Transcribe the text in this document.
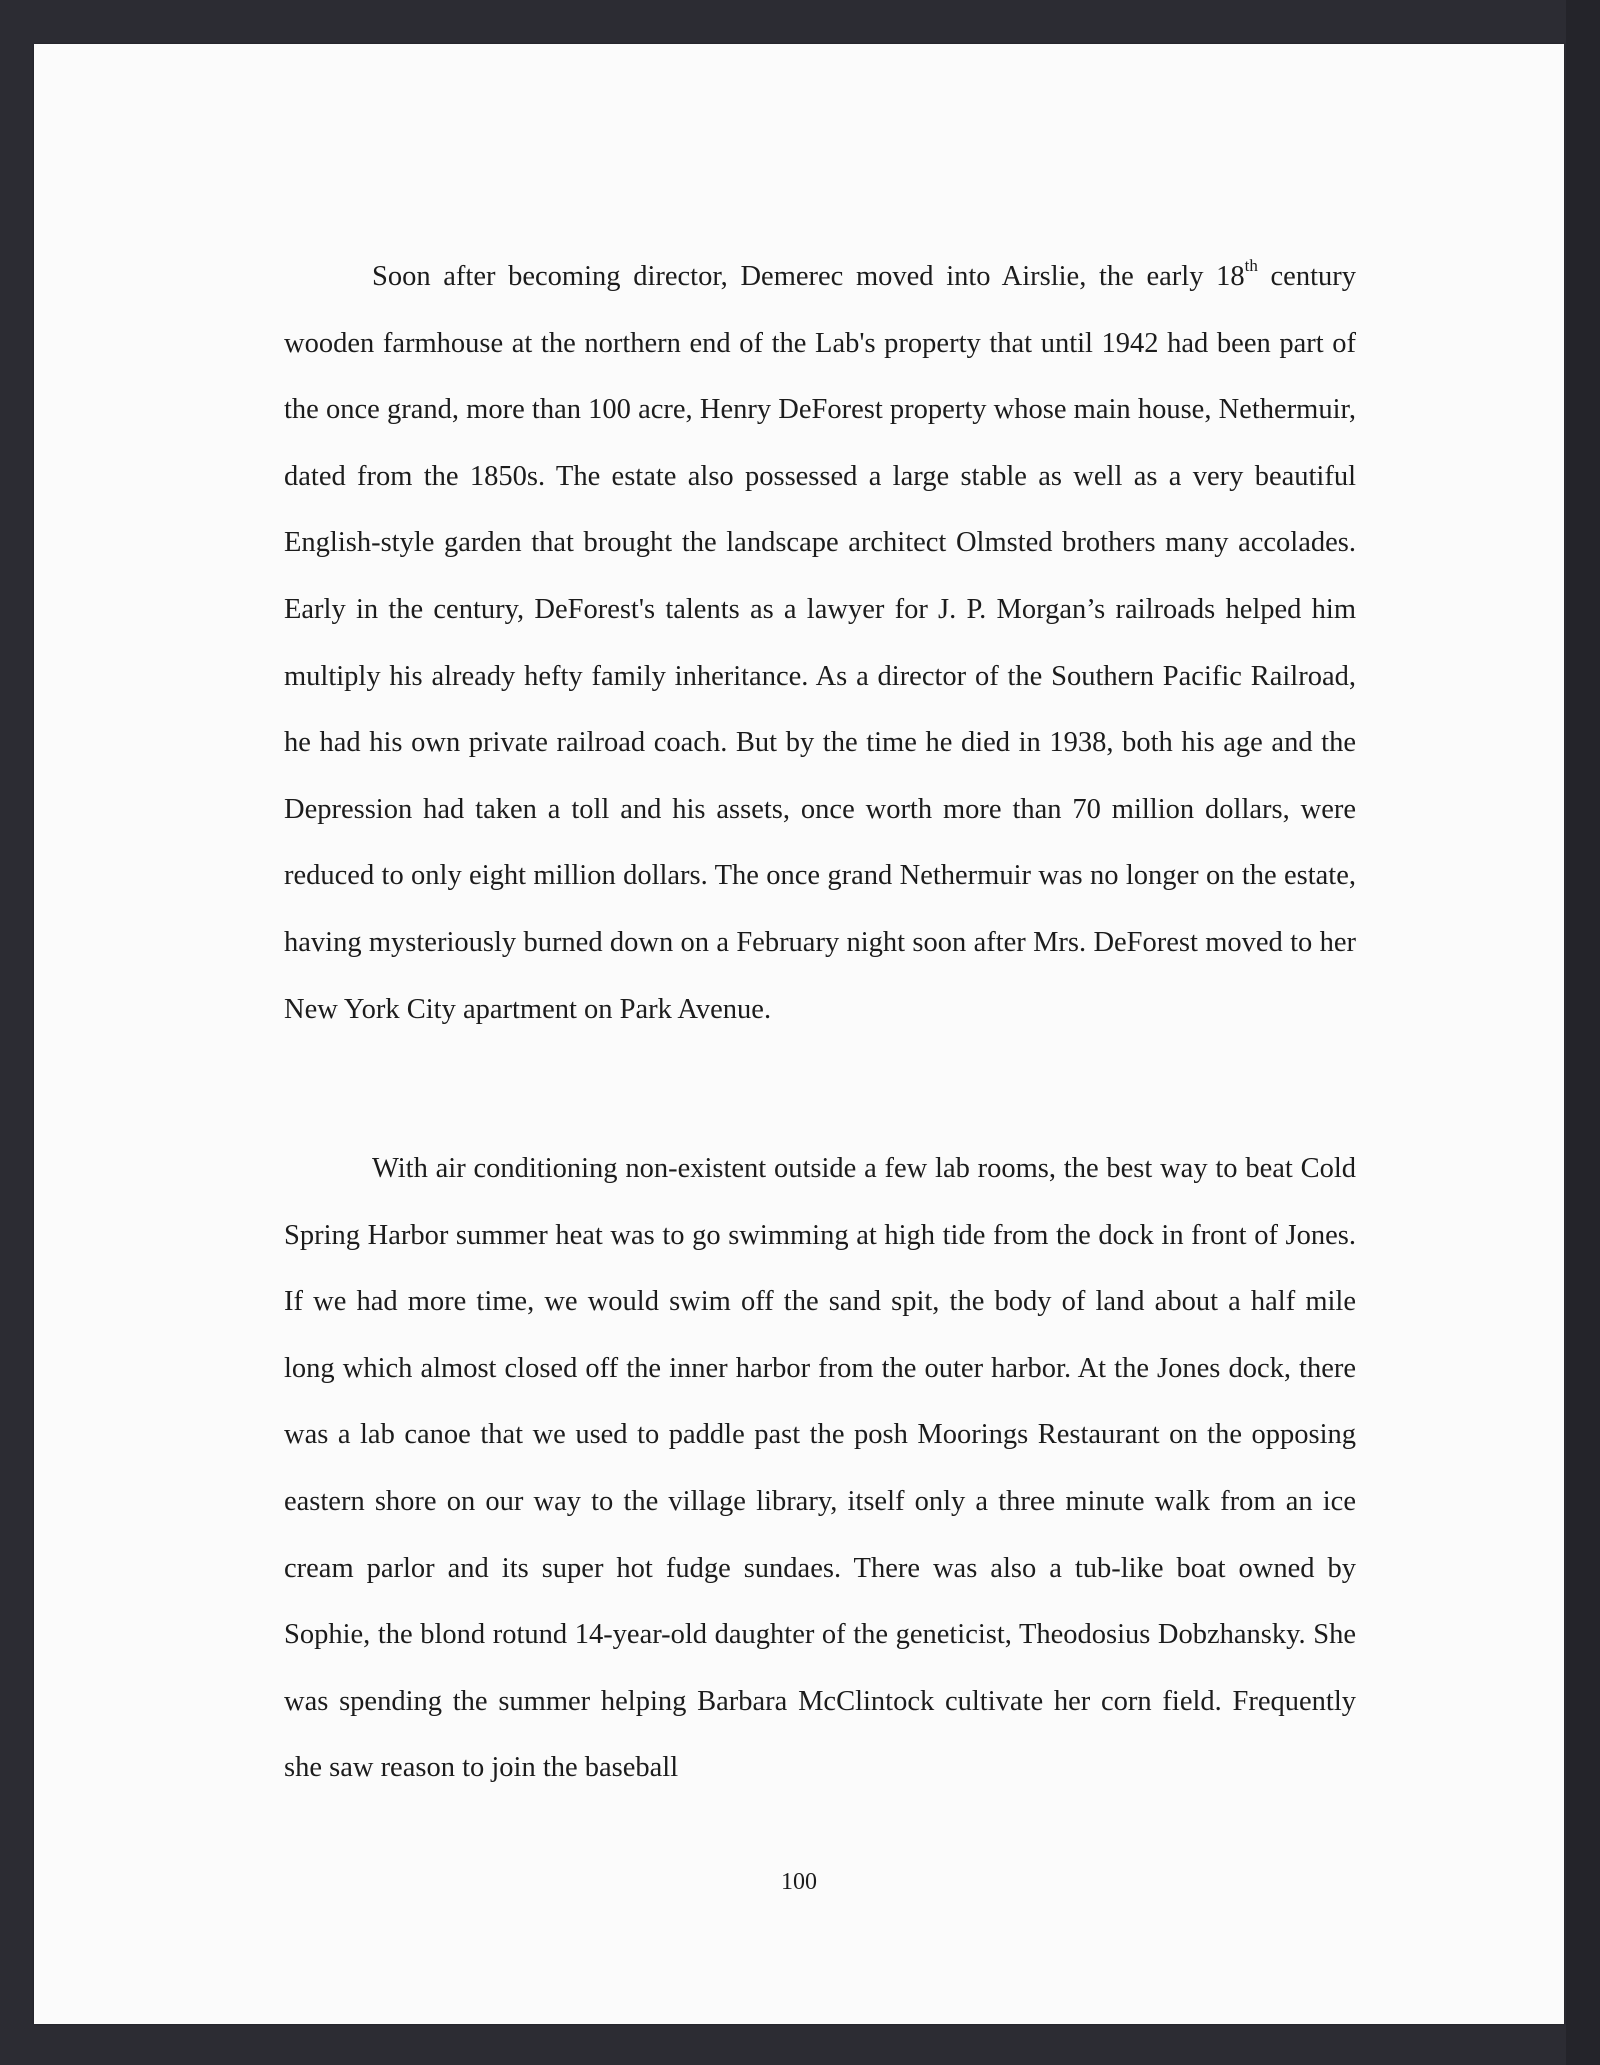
Soon after becoming director, Demerec moved into Airslie, the early 18th century wooden farmhouse at the northern end of the Lab's property that until 1942 had been part of the once grand, more than 100 acre, Henry DeForest property whose main house, Nethermuir, dated from the 1850s. The estate also possessed a large stable as well as a very beautiful English-style garden that brought the landscape architect Olmsted brothers many accolades. Early in the century, DeForest's talents as a lawyer for J. P. Morgan’s railroads helped him multiply his already hefty family inheritance. As a director of the Southern Pacific Railroad, he had his own private railroad coach. But by the time he died in 1938, both his age and the Depression had taken a toll and his assets, once worth more than 70 million dollars, were reduced to only eight million dollars. The once grand Nethermuir was no longer on the estate, having mysteriously burned down on a February night soon after Mrs. DeForest moved to her New York City apartment on Park Avenue.

With air conditioning non-existent outside a few lab rooms, the best way to beat Cold Spring Harbor summer heat was to go swimming at high tide from the dock in front of Jones. If we had more time, we would swim off the sand spit, the body of land about a half mile long which almost closed off the inner harbor from the outer harbor. At the Jones dock, there was a lab canoe that we used to paddle past the posh Moorings Restaurant on the opposing eastern shore on our way to the village library, itself only a three minute walk from an ice cream parlor and its super hot fudge sundaes. There was also a tub-like boat owned by Sophie, the blond rotund 14-year-old daughter of the geneticist, Theodosius Dobzhansky. She was spending the summer helping Barbara McClintock cultivate her corn field. Frequently she saw reason to join the baseball

100
